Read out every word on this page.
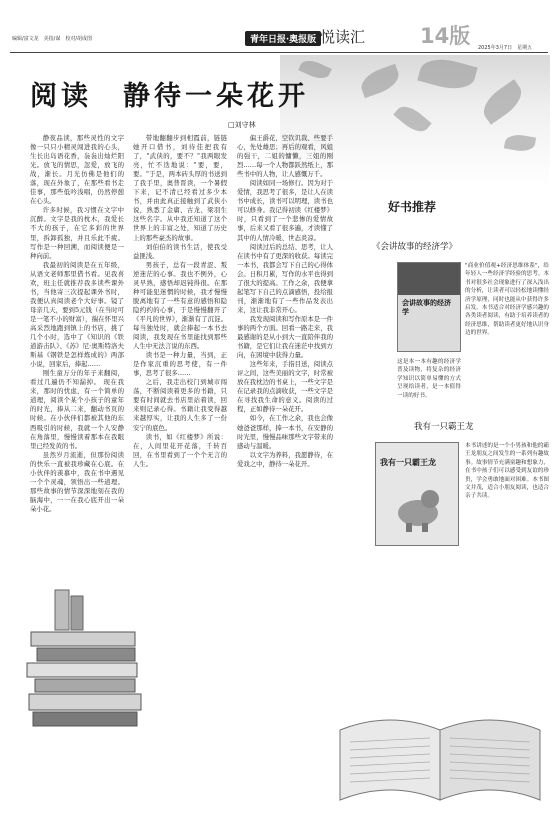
编辑/富文龙　美指/谋　校对/胡成图	青年日报·奥报版 悦读汇	14版 2025年3月7日　星期五
阅读　静待一朵花开
□刘守林

静夜品读，那些灵性的文字像一只只小精灵闯进我的心头，生长出岛语花香，袅袅出灿烂阳光。放飞的情思，忽爱，放飞的战，渐长。月光仿佛是他们的落，现在外象了，在那些看书走佳事，那些低吟浅唱，仍然停憩在心头。

许多时候，我习惯在文字中沉醉。文字是我的枕木，我爱长不大的孩子，在它多彩的世界里，拆卸孤独，并且乐此不疲。写作是一种回溯，而阅读便是一种向前。

我最初的阅读是在五年级，从语文老师那里借书看。见我喜欢，班主任就推荐我多读些课外书，当他寄三次提起课外书时，我便认真阅读老个大好事。镜了母亲几天，要到5元钱（在当时可是一笔不小的财富），揣在怀里兴高采烈地跑到镇上的书店，挑了几个小时，选中了《知识的《铁道游击队》、《苏》尼·奥斯特洛夫斯基《钢铁是怎样炼成的》两部小说，回家后，捧起……

刚生童万分的年子来翻阅，看过几遍仍不知漏掉。 现在我来，那时的忧虑，有一个简单的道理，阅读个某个小孩子的童年的时光，捧从二来，翻动书页的时候。在小伙伴们都被其他的东西吸引的时候，我就一个人安静在角落里，慢慢读着那本在我眼里已经发黄的书。

虽然岁月流逝，但那份阅读的快乐一直被我珍藏在心底。在小伙伴的羡慕中，我在书中遇见一个个灵魂，领悟出一些道理。那些故事的情节深深地刻在我的脑海中，一一在我心底开出一朵朵小花。

带地翻翻步到相霞前，链链她开口借书，刘待佳把我有了，"武侠的，要不？"我两眼发亮，忙不迭地说："要，要，要。"于是，两本砖头厚的书送到了我手里，奥普晋读，一个暑假下来，记不清已经看过多少本书，并由此真正接触到了武侠小说，熟悉了金庸、古龙、梁羽生这些名字。从中我还知道了这个世界上的丰富之处，知道了历史上的那些豪杰的故事。

刘伯伯的读书生活，使我受益匪浅。

男孩子，总有一段青涩、叛逆迷茫的心事。我也不例外，心灵早熟，感悟却迟钝得很。在那种可能犯迷惘的时候，我才慢慢脱离地有了一些有意的感悟和隐隐约约的心事，于是慢慢翻开了《平凡的世界》，渐渐有了沉淀。每当独处时，就会捧起一本书去阅读，我发现在书里能找到那些人生中无法言说的东西。

读书是一种力量，当到，正是作家沉重的思考使，有一件事，思考了很多……

之后，我走出校门到城市闯荡，不断阅读着更多的书籍，只要有时间就去书店里站着读，回来则记录心得。书籍让我变得越来越厚实，让我的人生多了一份安宁的底色。

读书，如《红楼梦》所说：在，人间里花开花落，千转百回，在书里看到了一个个无言的人生。

偏王爵花，空钦讥裁、些要手心，先处雄思；再后的观看，风姐的强干，二姐的慵懒，三姐的刚烈……每一个人物都跃然纸上，那些书中的人物，让人感慨万千。

阅读如同一场修行。因为对于爱情，我思考了很多，是让人在读书中成长，读书可以明理，读书也可以修身。我记得初读《红楼梦》时，只看到了一个悲惨的爱情故事，后来又看了很多遍，才读懂了其中的人情冷暖、世态炎凉。

阅读过后的总结、思考，让人在读书中有了更深的收获。每读完一本书，我都会写下自己的心得体会。日积月累，写作的水平也得到了很大的提高。工作之余，我便拿起笔写下自己的点滴感悟，投给报刊，渐渐地有了一些作品发表出来，这让我非常开心。

我发现阅读和写作原本是一件事的两个方面。回看一路走来，我最感谢的是从小到大一直陪伴我的书籍，是它们让我在迷茫中找到方向，在困境中获得力量。

这些年来，手指目送，阅读点评之间，这些美丽的文字，时常被放在我枕边的书桌上，一些文字是在记录我的点滴收获，一些文字是在寻找我生命的意义。阅读的过程，正如静待一朵花开。

如今，在工作之余，我也会像她爸爸那样，捧一本书，在安静的时光里，慢慢品味那些文字带来的感动与温暖。

以文字为养料，我愿静待，在爱戏之中，静待一朵花开。

好书推荐
《会讲故事的经济学》
会讲故事的经济学
"商业价值观+经济思维体系"，给年轻人一些经济学经验的思考。本书对很多社会现象进行了深入浅出的分析，让读者可以轻松地读懂经济学原理，同时也能从中获得许多启发。本书适合对经济学感兴趣的各类读者阅读，有助于培养读者的经济思维，帮助读者更好地认识身边的世界。
这是本一本有趣的经济学普及读物，将复杂的经济学知识以简单易懂的方式呈现给读者，是一本值得一读的好书。
我有一只霸王龙
我有一只霸王龙
本书讲述的是一个小男孩和他的霸王龙朋友之间发生的一系列有趣故事。故事情节充满童趣和想象力，在书中孩子们可以感受到友谊的珍贵，学会勇敢地面对困难。本书图文并茂，适合小朋友阅读，也适合亲子共读。
